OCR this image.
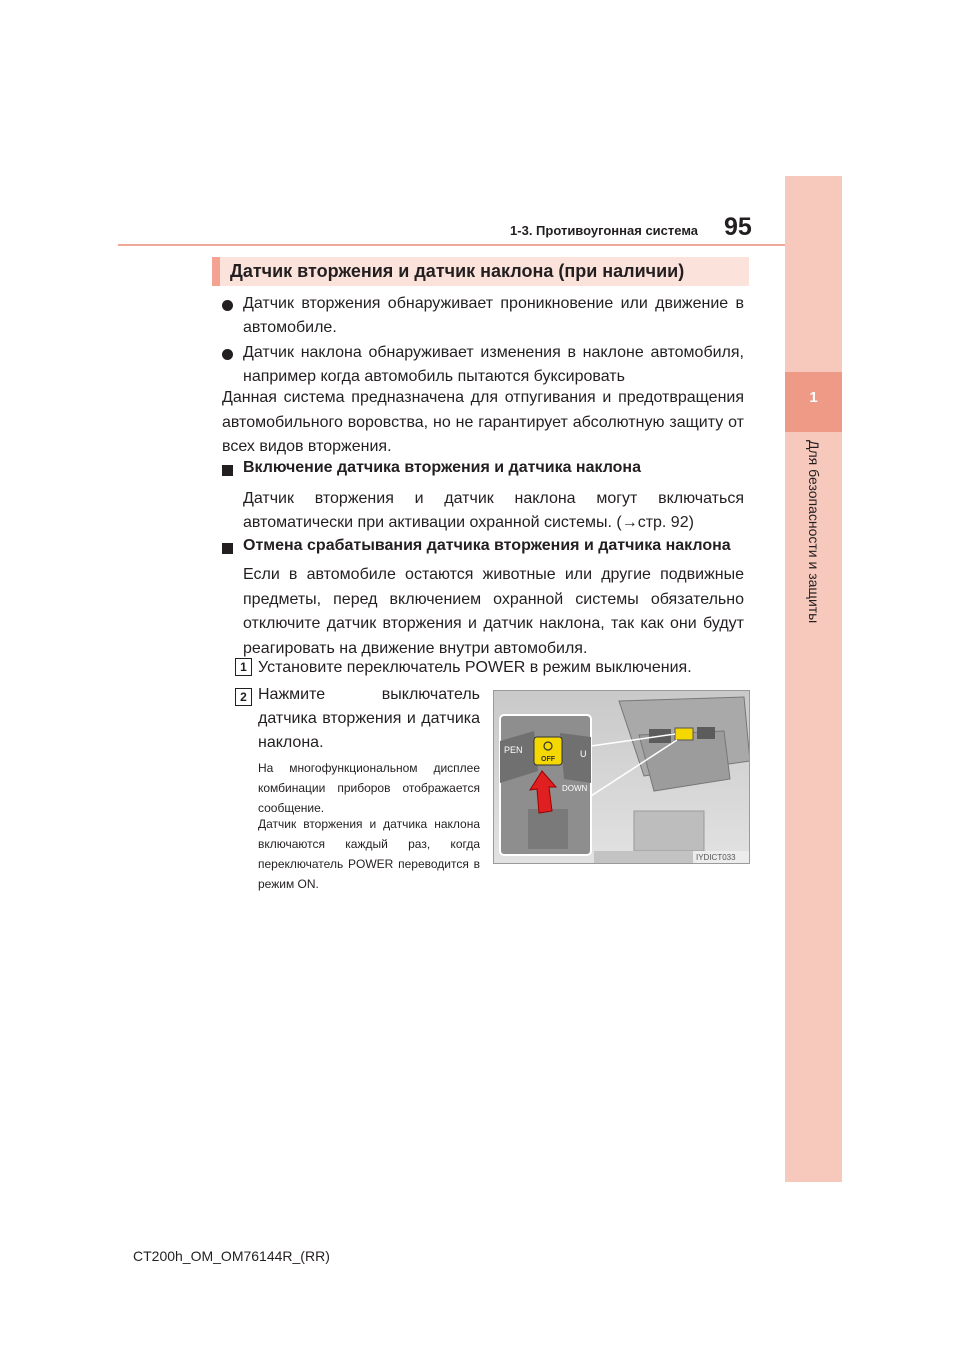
1
Для безопасности и защиты
1-3. Противоугонная система 95
Датчик вторжения и датчик наклона (при наличии)

Датчик вторжения обнаруживает проникновение или движение в автомобиле.

Датчик наклона обнаруживает изменения в наклоне автомобиля, например когда автомобиль пытаются буксировать

Данная система предназначена для отпугивания и предотвращения автомобильного воровства, но не гарантирует абсолютную защиту от всех видов вторжения.

Включение датчика вторжения и датчика наклона

Датчик вторжения и датчик наклона могут включаться автоматически при активации охранной системы. (→стр. 92)

Отмена срабатывания датчика вторжения и датчика наклона

Если в автомобиле остаются животные или другие подвижные предметы, перед включением охранной системы обязательно отключите датчик вторжения и датчик наклона, так как они будут реагировать на движение внутри автомобиля.

1 Установите переключатель POWER в режим выключения.

2 Нажмите выключатель датчика вторжения и датчика наклона.

На многофункциональном дисплее комбинации приборов отображается сообщение.

Датчик вторжения и датчика наклона включаются каждый раз, когда переключатель POWER переводится в режим ON.

PEN	U
DOWN
OFF
IYDICT033
CT200h_OM_OM76144R_(RR)
